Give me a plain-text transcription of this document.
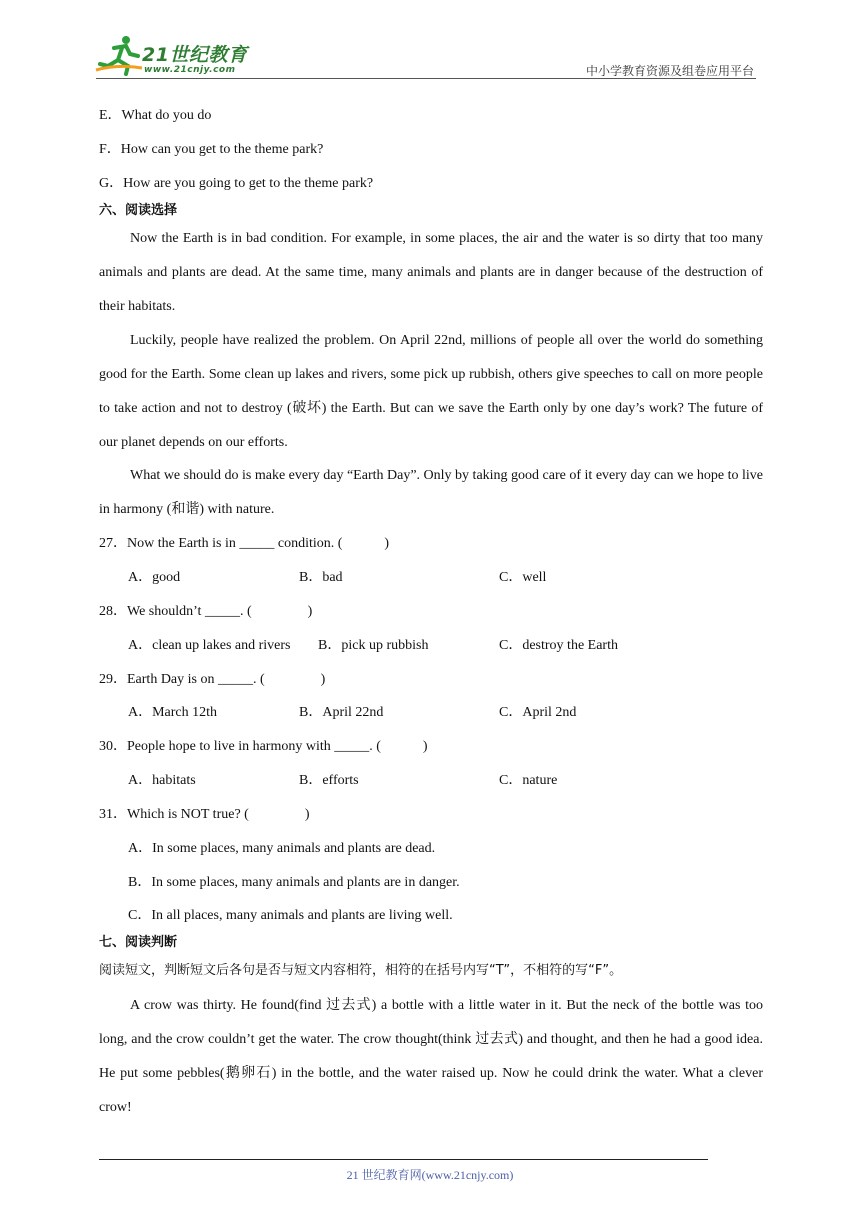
21世纪教育
www.21cnjy.com	中小学教育资源及组卷应用平台
E．What do you do
F．How can you get to the theme park?
G．How are you going to get to the theme park?
六、阅读选择
Now the Earth is in bad condition. For example, in some places, the air and the water is so dirty that too many animals and plants are dead. At the same time, many animals and plants are in danger because of the destruction of their habitats.
Luckily, people have realized the problem. On April 22nd, millions of people all over the world do something good for the Earth. Some clean up lakes and rivers, some pick up rubbish, others give speeches to call on more people to take action and not to destroy (破坏) the Earth. But can we save the Earth only by one day’s work? The future of our planet depends on our efforts.
What we should do is make every day “Earth Day”. Only by taking good care of it every day can we hope to live in harmony (和谐) with nature.
27．Now the Earth is in _____ condition. (　　　)
A．good	B．bad	C．well
28．We shouldn’t _____. (　　　　)
A．clean up lakes and rivers B．pick up rubbish	C．destroy the Earth
29．Earth Day is on _____. (　　　　)
A．March 12th	B．April 22nd	C．April 2nd
30．People hope to live in harmony with _____. (　　　)
A．habitats	B．efforts	C．nature
31．Which is NOT true? (　　　　)
A．In some places, many animals and plants are dead.
B．In some places, many animals and plants are in danger.
C．In all places, many animals and plants are living well.
七、阅读判断
阅读短文，判断短文后各句是否与短文内容相符，相符的在括号内写“T”，不相符的写“F”。
A crow was thirty. He found(find 过去式) a bottle with a little water in it. But the neck of the bottle was too long, and the crow couldn’t get the water. The crow thought(think 过去式) and thought, and then he had a good idea. He put some pebbles(鹅卵石) in the bottle, and the water raised up. Now he could drink the water. What a clever crow!
21 世纪教育网(www.21cnjy.com)
